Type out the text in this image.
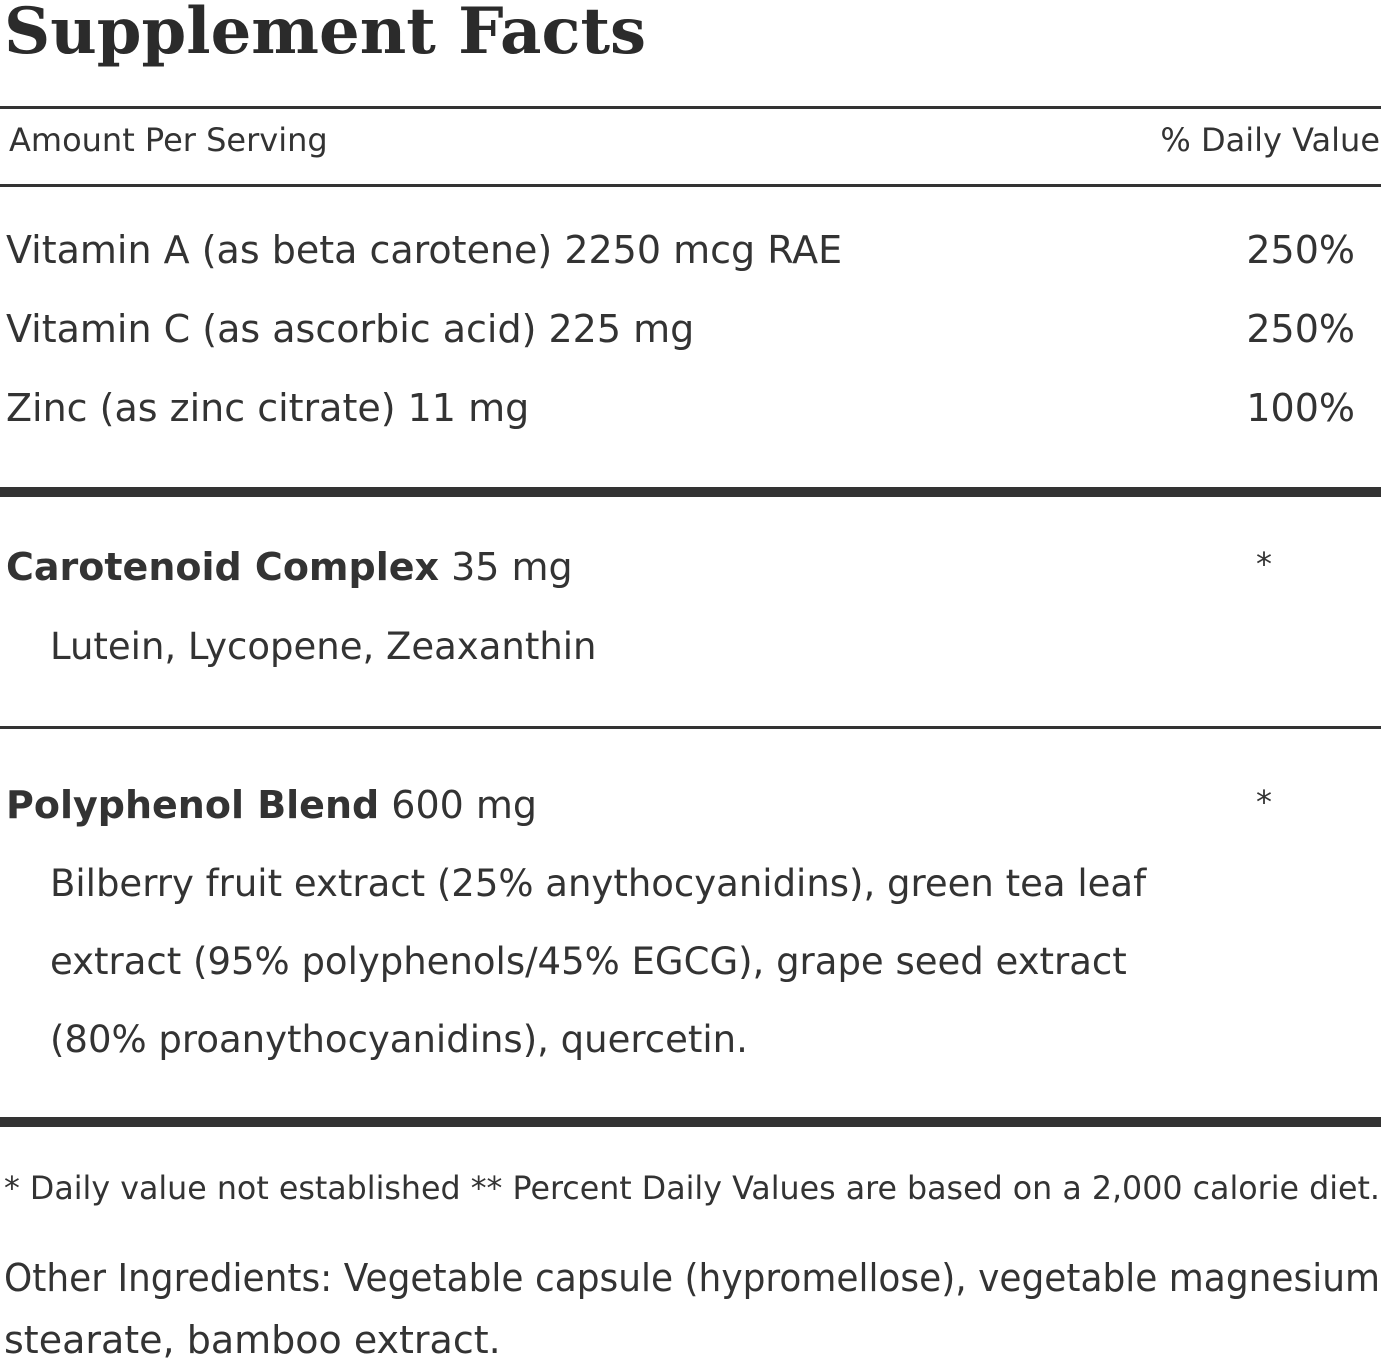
Supplement Facts
Amount Per Serving	% Daily Value
Vitamin A (as beta carotene) 2250 mcg RAE	250%
Vitamin C (as ascorbic acid) 225 mg	250%
Zinc (as zinc citrate) 11 mg	100%
Carotenoid Complex 35 mg	*
Lutein, Lycopene, Zeaxanthin
Polyphenol Blend 600 mg	*
Bilberry fruit extract (25% anythocyanidins), green tea leaf
extract (95% polyphenols/45% EGCG), grape seed extract
(80% proanythocyanidins), quercetin.
* Daily value not established ** Percent Daily Values are based on a 2,000 calorie diet.
Other Ingredients: Vegetable capsule (hypromellose), vegetable magnesium
stearate, bamboo extract.
